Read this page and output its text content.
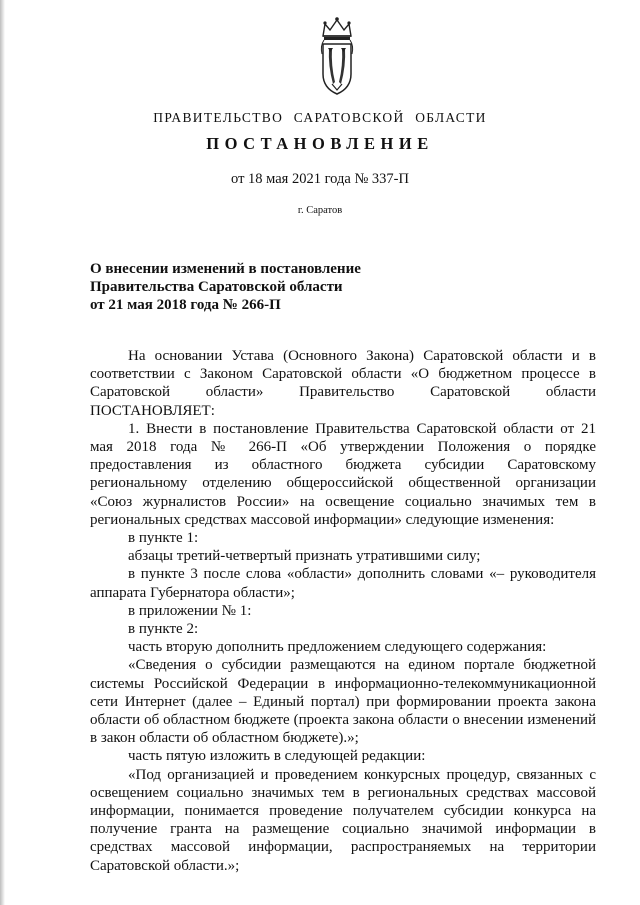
ПРАВИТЕЛЬСТВО САРАТОВСКОЙ ОБЛАСТИ
ПОСТАНОВЛЕНИЕ
от 18 мая 2021 года № 337-П
г. Саратов
О внесении изменений в постановление
Правительства Саратовской области
от 21 мая 2018 года № 266-П

На основании Устава (Основного Закона) Саратовской области и в соответствии с Законом Саратовской области «О бюджетном процессе в Саратовской области» Правительство Саратовской области ПОСТАНОВЛЯЕТ:

1. Внести в постановление Правительства Саратовской области от 21 мая 2018 года № 266-П «Об утверждении Положения о порядке предоставления из областного бюджета субсидии Саратовскому региональному отделению общероссийской общественной организации «Союз журналистов России» на освещение социально значимых тем в региональных средствах массовой информации» следующие изменения:

в пункте 1:

абзацы третий-четвертый признать утратившими силу;

в пункте 3 после слова «области» дополнить словами «– руководителя аппарата Губернатора области»;

в приложении № 1:

в пункте 2:

часть вторую дополнить предложением следующего содержания:

«Сведения о субсидии размещаются на едином портале бюджетной системы Российской Федерации в информационно-телекоммуникационной сети Интернет (далее – Единый портал) при формировании проекта закона области об областном бюджете (проекта закона области о внесении изменений в закон области об областном бюджете).»;

часть пятую изложить в следующей редакции:

«Под организацией и проведением конкурсных процедур, связанных с освещением социально значимых тем в региональных средствах массовой информации, понимается проведение получателем субсидии конкурса на получение гранта на размещение социально значимой информации в средствах массовой информации, распространяемых на территории Саратовской области.»;
